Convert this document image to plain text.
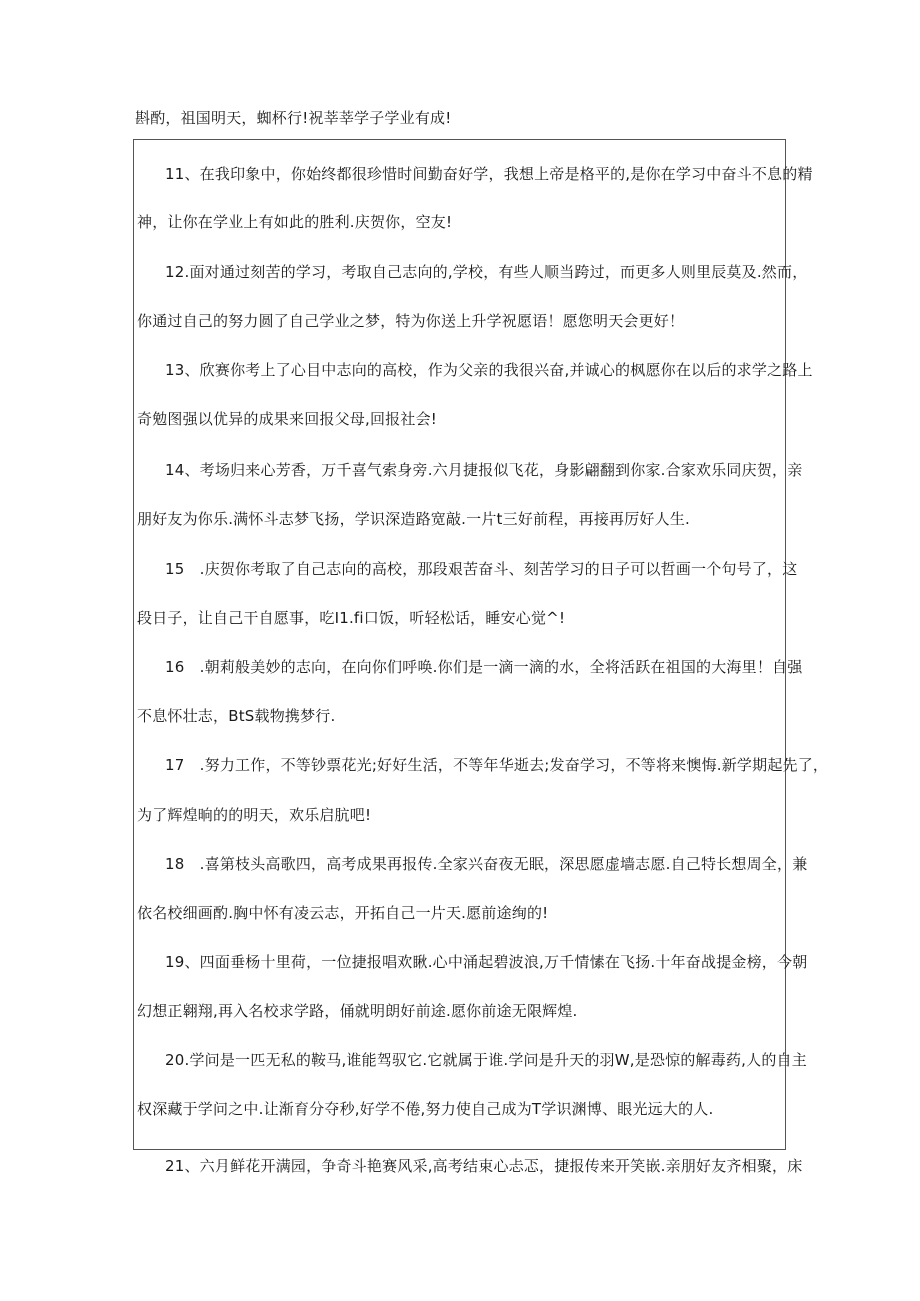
斟酌，祖国明天，蜘杯行!祝莘莘学子学业有成!
11、在我印象中，你始终都很珍惜时间勤奋好学，我想上帝是格平的,是你在学习中奋斗不息的精
神，让你在学业上有如此的胜利.庆贺你，空友!
12.面对通过刻苦的学习，考取自己志向的,学校，有些人顺当跨过，而更多人则里辰莫及.然而，
你通过自己的努力圆了自己学业之梦，特为你送上升学祝愿语！愿您明天会更好！
13、欣赛你考上了心目中志向的高校，作为父亲的我很兴奋,并诚心的枫愿你在以后的求学之路上
奇勉图强以优异的成果来回报父母,回报社会!
14、考场归来心芳香，万千喜气索身旁.六月捷报似飞花，身影翩翻到你家.合家欢乐同庆贺，亲
朋好友为你乐.满怀斗志梦飞扬，学识深造路宽敲.一片t三好前程，再接再厉好人生.
15　.庆贺你考取了自己志向的高校，那段艰苦奋斗、刻苦学习的日子可以哲画一个句号了，这
段日子，让自己干自愿事，吃I1.fi口饭，听轻松话，睡安心觉^!
16　.朝莉般美妙的志向，在向你们呼唤.你们是一滴一滴的水，全将活跃在祖国的大海里！自强
不息怀壮志，BtS载物携梦行.
17　.努力工作，不等钞票花光;好好生活，不等年华逝去;发奋学习，不等将来懊悔.新学期起先了，
为了辉煌晌的的明天，欢乐启肮吧!
18　.喜第枝头高歌四，高考成果再报传.全家兴奋夜无眠，深思愿虚墙志愿.自己特长想周全，兼
依名校细画酌.胸中怀有凌云志，开拓自己一片天.愿前途绚的!
19、四面垂杨十里荷，一位捷报唱欢瞅.心中涌起碧波浪,万千情愫在飞扬.十年奋战提金榜，今朝
幻想正翱翔,再入名校求学路，俑就明朗好前途.愿你前途无限辉煌.
20.学问是一匹无私的鞍马,谁能驾驭它.它就属于谁.学问是升天的羽W,是恐惊的解毒药,人的自主
权深藏于学问之中.让渐育分夺秒,好学不倦,努力使自己成为T学识渊博、眼光远大的人.
21、六月鲜花开满园，争奇斗艳赛风采,高考结束心忐忑，捷报传来开笑嵌.亲朋好友齐相聚，床
